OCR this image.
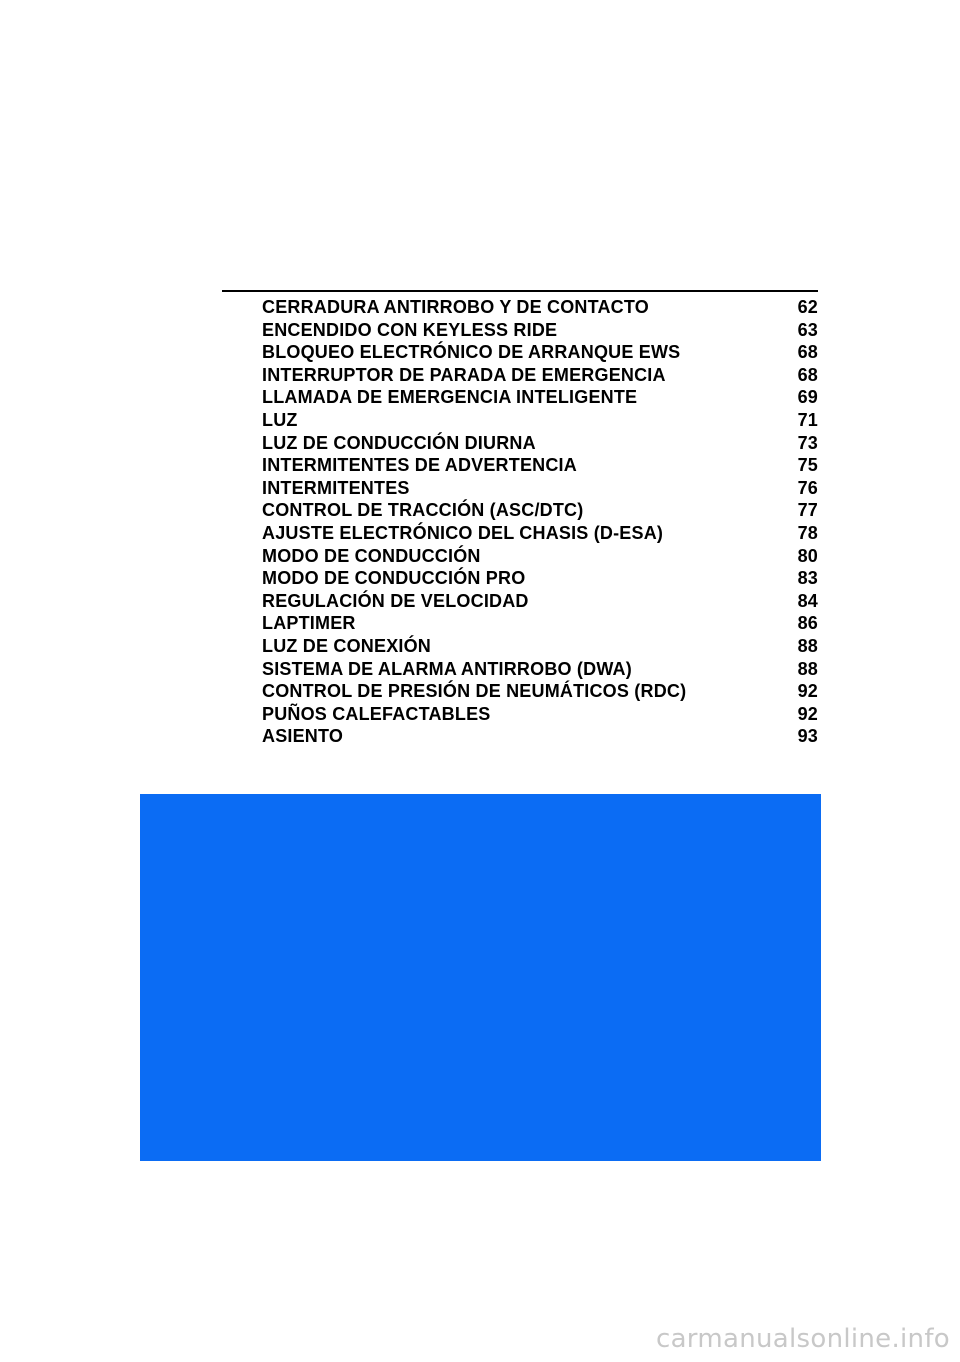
CERRADURA ANTIRROBO Y DE CONTACTO	62
ENCENDIDO CON KEYLESS RIDE	63
BLOQUEO ELECTRÓNICO DE ARRANQUE EWS	68
INTERRUPTOR DE PARADA DE EMERGENCIA	68
LLAMADA DE EMERGENCIA INTELIGENTE	69
LUZ	71
LUZ DE CONDUCCIÓN DIURNA	73
INTERMITENTES DE ADVERTENCIA	75
INTERMITENTES	76
CONTROL DE TRACCIÓN (ASC/DTC)	77
AJUSTE ELECTRÓNICO DEL CHASIS (D-ESA)	78
MODO DE CONDUCCIÓN	80
MODO DE CONDUCCIÓN PRO	83
REGULACIÓN DE VELOCIDAD	84
LAPTIMER	86
LUZ DE CONEXIÓN	88
SISTEMA DE ALARMA ANTIRROBO (DWA)	88
CONTROL DE PRESIÓN DE NEUMÁTICOS (RDC)	92
PUÑOS CALEFACTABLES	92
ASIENTO	93
carmanualsonline.info
